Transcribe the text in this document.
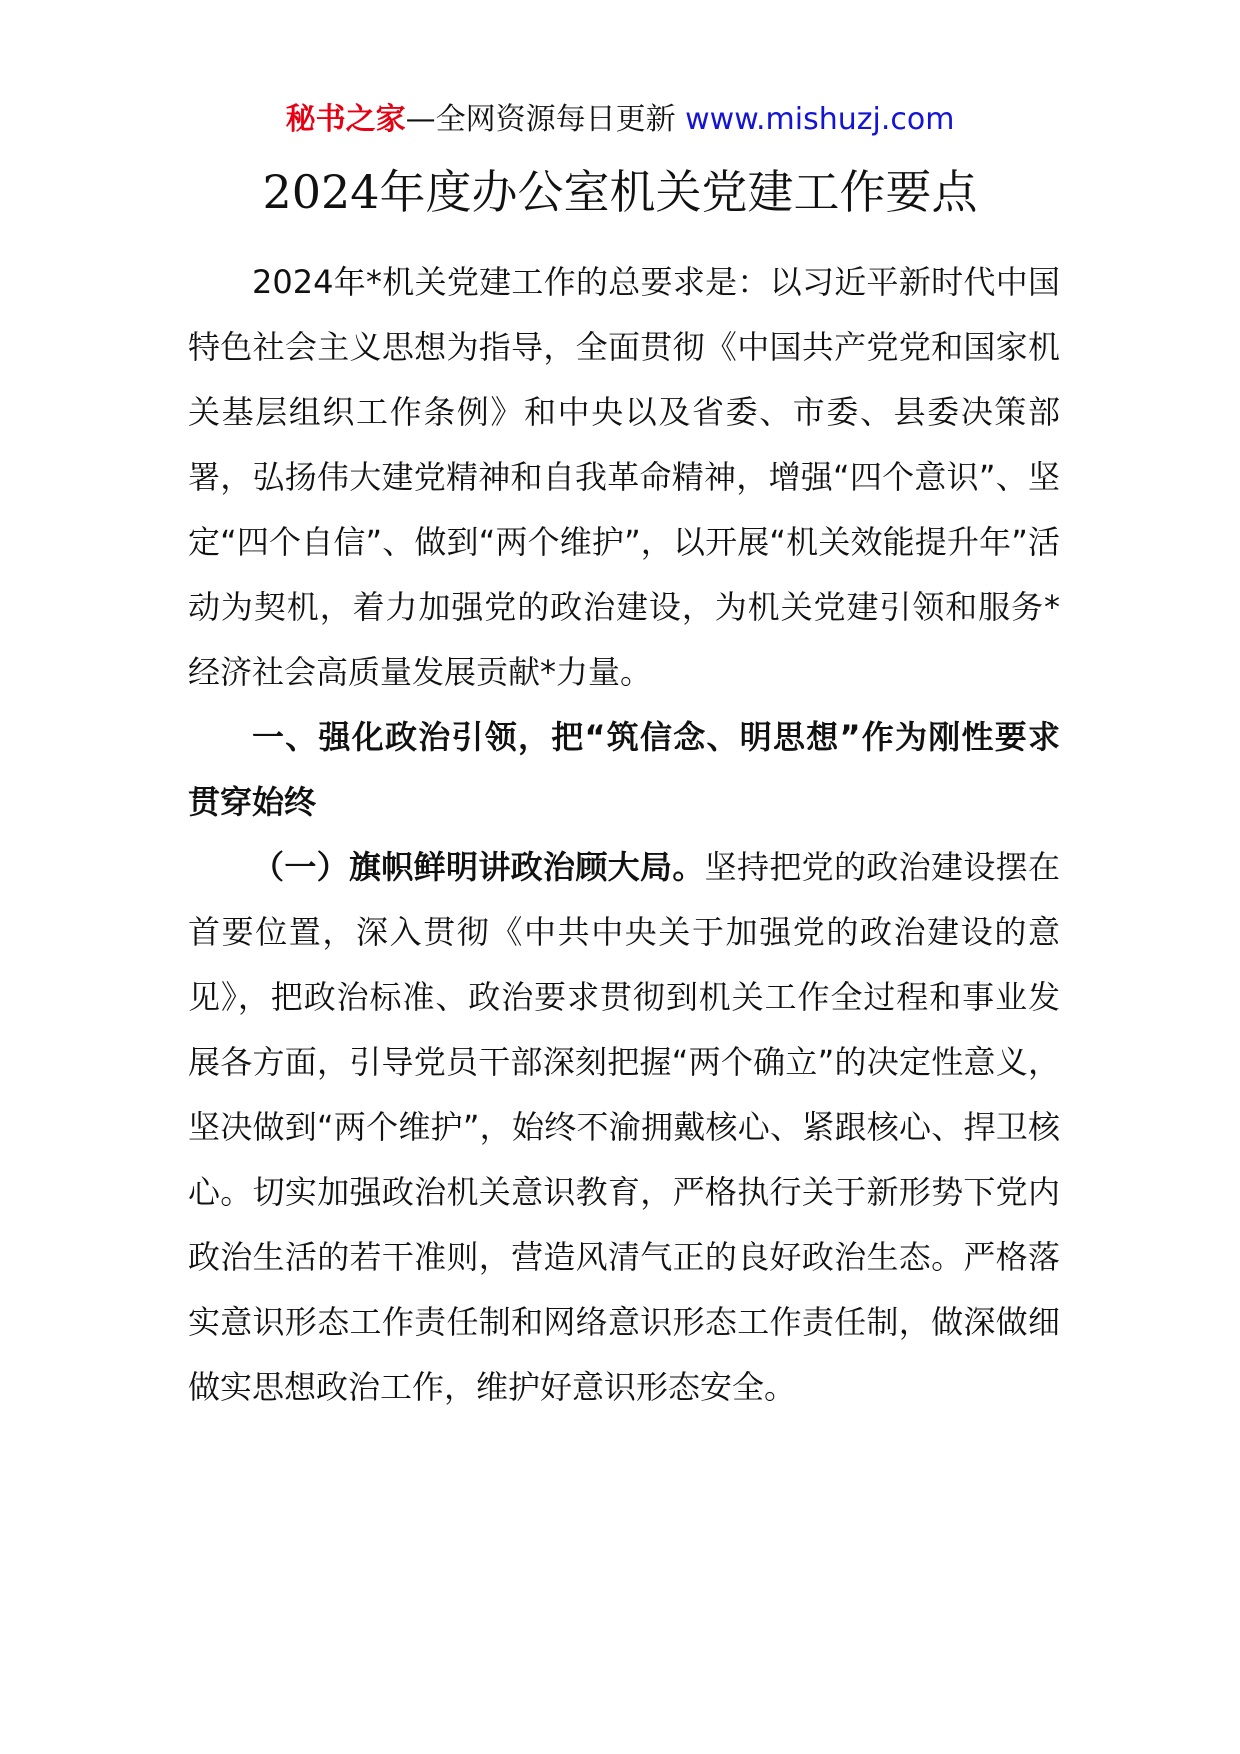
秘书之家—全网资源每日更新 www.mishuzj.com
2024年度办公室机关党建工作要点

2024年*机关党建工作的总要求是：以习近平新时代中国特色社会主义思想为指导，全面贯彻《中国共产党党和国家机关基层组织工作条例》和中央以及省委、市委、县委决策部署，弘扬伟大建党精神和自我革命精神，增强“四个意识”、坚定“四个自信”、做到“两个维护”，以开展“机关效能提升年”活动为契机，着力加强党的政治建设，为机关党建引领和服务*经济社会高质量发展贡献*力量。

一、强化政治引领，把“筑信念、明思想”作为刚性要求贯穿始终

（一）旗帜鲜明讲政治顾大局。坚持把党的政治建设摆在首要位置，深入贯彻《中共中央关于加强党的政治建设的意见》，把政治标准、政治要求贯彻到机关工作全过程和事业发展各方面，引导党员干部深刻把握“两个确立”的决定性意义，坚决做到“两个维护”，始终不渝拥戴核心、紧跟核心、捍卫核心。切实加强政治机关意识教育，严格执行关于新形势下党内政治生活的若干准则，营造风清气正的良好政治生态。严格落实意识形态工作责任制和网络意识形态工作责任制，做深做细做实思想政治工作，维护好意识形态安全。
